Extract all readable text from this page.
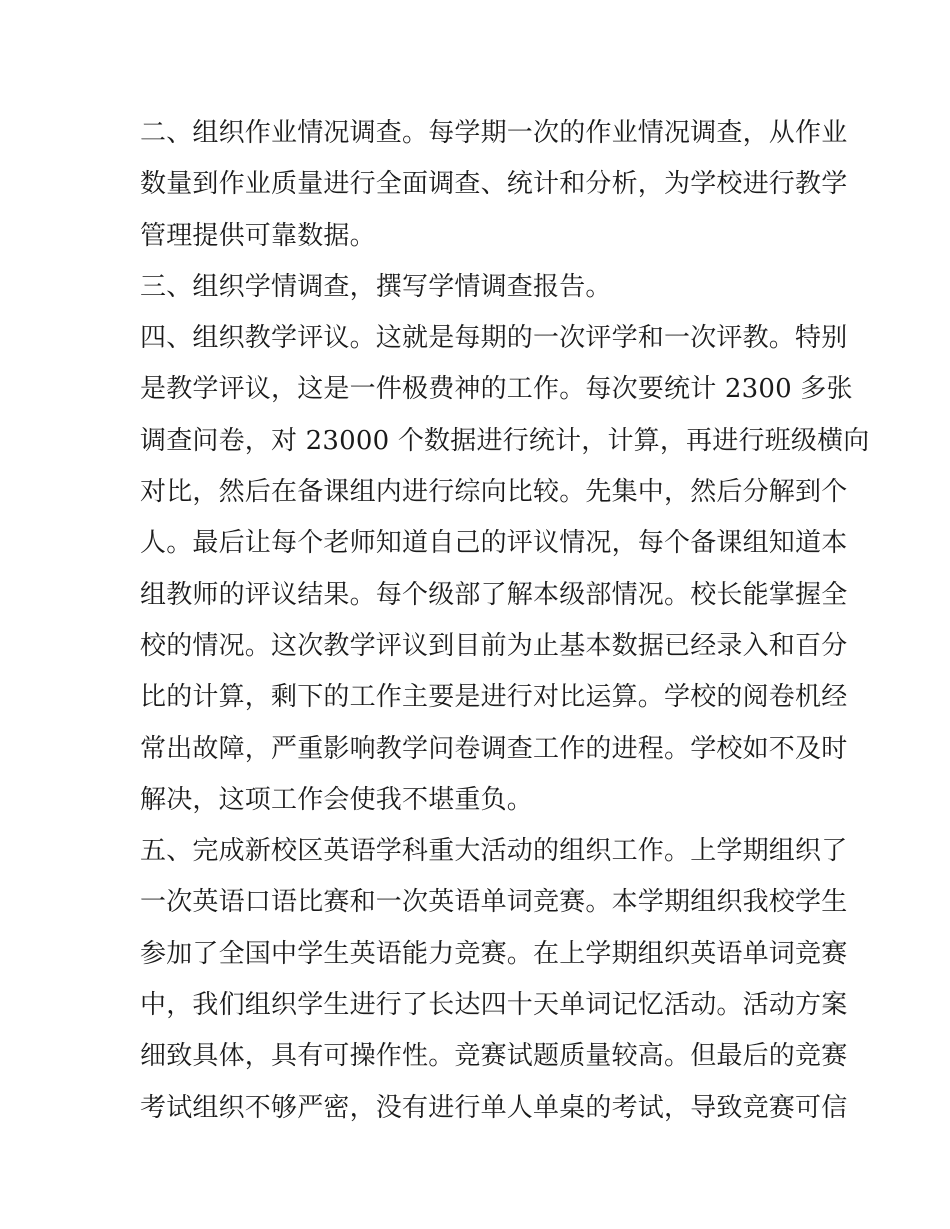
二、组织作业情况调查。每学期一次的作业情况调查，从作业
数量到作业质量进行全面调查、统计和分析，为学校进行教学
管理提供可靠数据。
三、组织学情调查，撰写学情调查报告。
四、组织教学评议。这就是每期的一次评学和一次评教。特别
是教学评议，这是一件极费神的工作。每次要统计 2300 多张
调查问卷，对 23000 个数据进行统计，计算，再进行班级横向
对比，然后在备课组内进行综向比较。先集中，然后分解到个
人。最后让每个老师知道自己的评议情况，每个备课组知道本
组教师的评议结果。每个级部了解本级部情况。校长能掌握全
校的情况。这次教学评议到目前为止基本数据已经录入和百分
比的计算，剩下的工作主要是进行对比运算。学校的阅卷机经
常出故障，严重影响教学问卷调查工作的进程。学校如不及时
解决，这项工作会使我不堪重负。
五、完成新校区英语学科重大活动的组织工作。上学期组织了
一次英语口语比赛和一次英语单词竞赛。本学期组织我校学生
参加了全国中学生英语能力竞赛。在上学期组织英语单词竞赛
中，我们组织学生进行了长达四十天单词记忆活动。活动方案
细致具体，具有可操作性。竞赛试题质量较高。但最后的竞赛
考试组织不够严密，没有进行单人单桌的考试，导致竞赛可信
